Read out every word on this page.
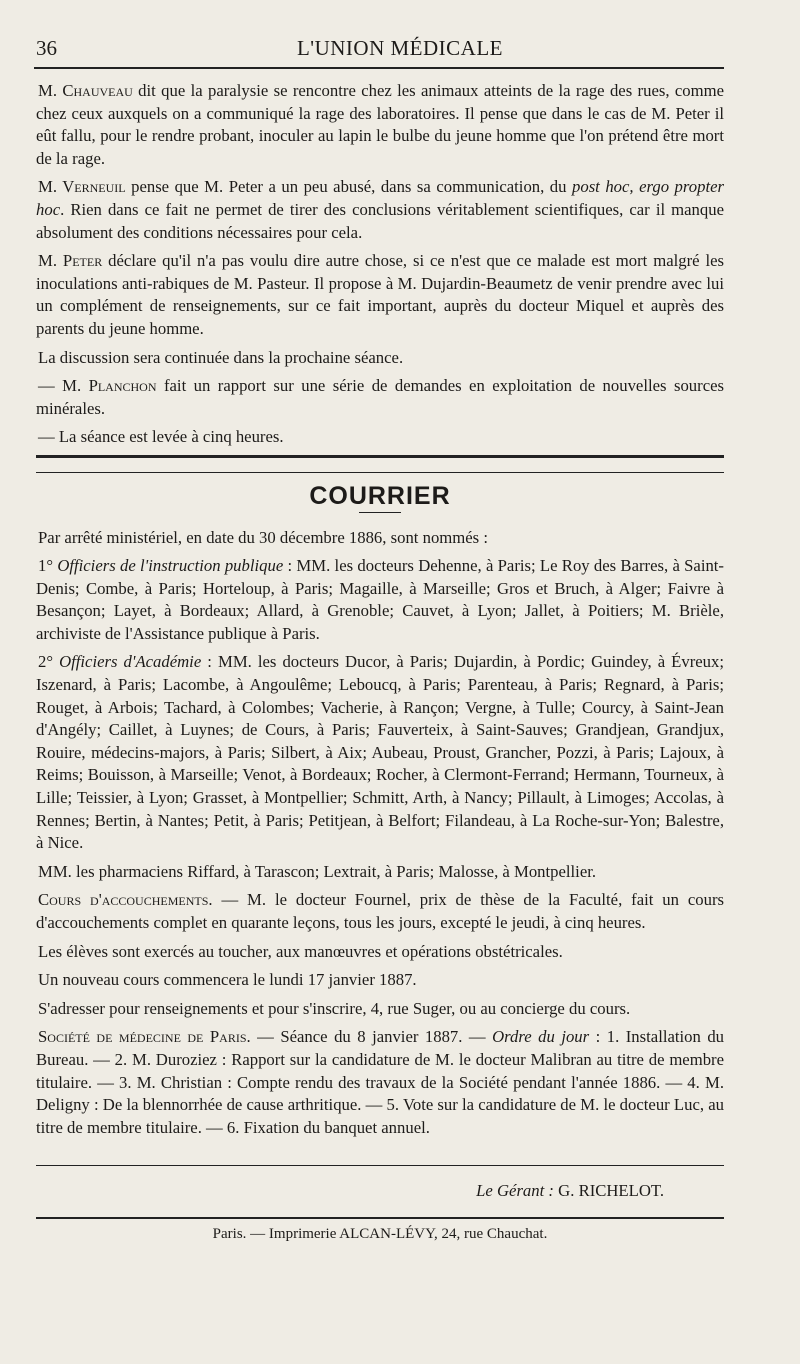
36	L'UNION MÉDICALE

M. Chauveau dit que la paralysie se rencontre chez les animaux atteints de la rage des rues, comme chez ceux auxquels on a communiqué la rage des laboratoires. Il pense que dans le cas de M. Peter il eût fallu, pour le rendre probant, inoculer au lapin le bulbe du jeune homme que l'on prétend être mort de la rage.

M. Verneuil pense que M. Peter a un peu abusé, dans sa communication, du post hoc, ergo propter hoc. Rien dans ce fait ne permet de tirer des conclusions véritablement scientifiques, car il manque absolument des conditions nécessaires pour cela.

M. Peter déclare qu'il n'a pas voulu dire autre chose, si ce n'est que ce malade est mort malgré les inoculations anti-rabiques de M. Pasteur. Il propose à M. Dujardin-Beaumetz de venir prendre avec lui un complément de renseignements, sur ce fait important, auprès du docteur Miquel et auprès des parents du jeune homme.

La discussion sera continuée dans la prochaine séance.

— M. Planchon fait un rapport sur une série de demandes en exploitation de nouvelles sources minérales.

— La séance est levée à cinq heures.

COURRIER

Par arrêté ministériel, en date du 30 décembre 1886, sont nommés :

1° Officiers de l'instruction publique : MM. les docteurs Dehenne, à Paris; Le Roy des Barres, à Saint-Denis; Combe, à Paris; Horteloup, à Paris; Magaille, à Marseille; Gros et Bruch, à Alger; Faivre à Besançon; Layet, à Bordeaux; Allard, à Grenoble; Cauvet, à Lyon; Jallet, à Poitiers; M. Brièle, archiviste de l'Assistance publique à Paris.

2° Officiers d'Académie : MM. les docteurs Ducor, à Paris; Dujardin, à Pordic; Guindey, à Évreux; Iszenard, à Paris; Lacombe, à Angoulême; Leboucq, à Paris; Parenteau, à Paris; Regnard, à Paris; Rouget, à Arbois; Tachard, à Colombes; Vacherie, à Rançon; Vergne, à Tulle; Courcy, à Saint-Jean d'Angély; Caillet, à Luynes; de Cours, à Paris; Fauverteix, à Saint-Sauves; Grandjean, Grandjux, Rouire, médecins-majors, à Paris; Silbert, à Aix; Aubeau, Proust, Grancher, Pozzi, à Paris; Lajoux, à Reims; Bouisson, à Marseille; Venot, à Bordeaux; Rocher, à Clermont-Ferrand; Hermann, Tourneux, à Lille; Teissier, à Lyon; Grasset, à Montpellier; Schmitt, Arth, à Nancy; Pillault, à Limoges; Accolas, à Rennes; Bertin, à Nantes; Petit, à Paris; Petitjean, à Belfort; Filandeau, à La Roche-sur-Yon; Balestre, à Nice.

MM. les pharmaciens Riffard, à Tarascon; Lextrait, à Paris; Malosse, à Montpellier.

Cours d'accouchements. — M. le docteur Fournel, prix de thèse de la Faculté, fait un cours d'accouchements complet en quarante leçons, tous les jours, excepté le jeudi, à cinq heures.

Les élèves sont exercés au toucher, aux manœuvres et opérations obstétricales.

Un nouveau cours commencera le lundi 17 janvier 1887.

S'adresser pour renseignements et pour s'inscrire, 4, rue Suger, ou au concierge du cours.

Société de médecine de Paris. — Séance du 8 janvier 1887. — Ordre du jour : 1. Installation du Bureau. — 2. M. Duroziez : Rapport sur la candidature de M. le docteur Malibran au titre de membre titulaire. — 3. M. Christian : Compte rendu des travaux de la Société pendant l'année 1886. — 4. M. Deligny : De la blennorrhée de cause arthritique. — 5. Vote sur la candidature de M. le docteur Luc, au titre de membre titulaire. — 6. Fixation du banquet annuel.

Le Gérant : G. RICHELOT.
Paris. — Imprimerie ALCAN-LÉVY, 24, rue Chauchat.
